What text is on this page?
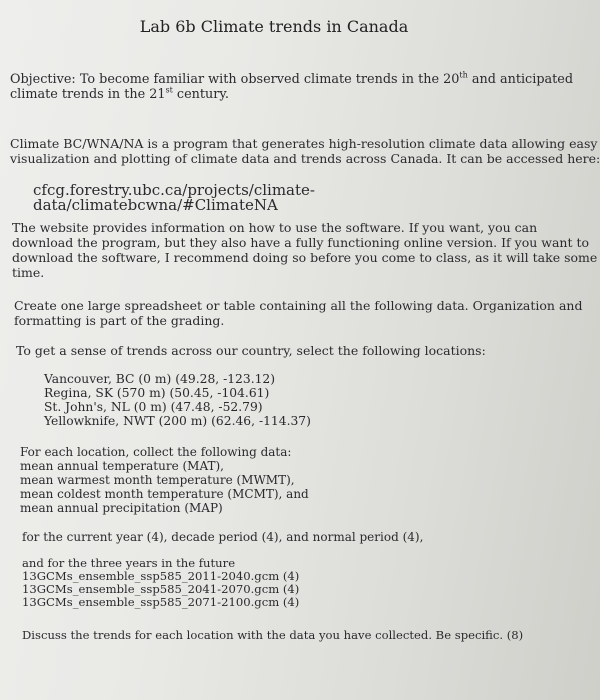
Lab 6b Climate trends in Canada
Objective: To become familiar with observed climate trends in the 20th and anticipated
climate trends in the 21st century.
Climate BC/WNA/NA is a program that generates high-resolution climate data allowing easy
visualization and plotting of climate data and trends across Canada. It can be accessed here:
cfcg.forestry.ubc.ca/projects/climate-data/climatebcwna/#ClimateNA
The website provides information on how to use the software. If you want, you can
download the program, but they also have a fully functioning online version. If you want to
download the software, I recommend doing so before you come to class, as it will take some
time.
Create one large spreadsheet or table containing all the following data. Organization and
formatting is part of the grading.
To get a sense of trends across our country, select the following locations:
Vancouver, BC (0 m) (49.28, -123.12)
Regina, SK (570 m) (50.45, -104.61)
St. John's, NL (0 m) (47.48, -52.79)
Yellowknife, NWT (200 m) (62.46, -114.37)
For each location, collect the following data:
mean annual temperature (MAT),
mean warmest month temperature (MWMT),
mean coldest month temperature (MCMT), and
mean annual precipitation (MAP)
for the current year (4), decade period (4), and normal period (4),
and for the three years in the future
13GCMs_ensemble_ssp585_2011-2040.gcm (4)
13GCMs_ensemble_ssp585_2041-2070.gcm (4)
13GCMs_ensemble_ssp585_2071-2100.gcm (4)
Discuss the trends for each location with the data you have collected. Be specific. (8)
